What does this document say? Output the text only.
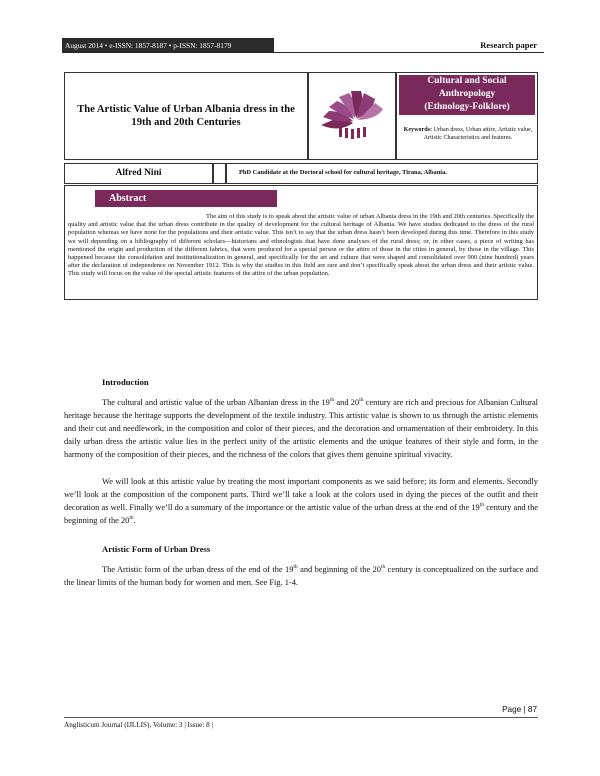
August 2014 • e-ISSN: 1857-8187 • p-ISSN: 1857-8179	Research paper
The Artistic Value of Urban Albania dress in the 19th and 20th Centuries
Cultural and Social
Anthropology
(Ethnology-Folklore)
Keywords: Urban dress, Urban attire, Artistic value, Artistic Characteristics and features.
Alfred Nini	PhD Candidate at the Doctoral school for cultural heritage, Tirana, Albania.
Abstract
The aim of this study is to speak about the artistic value of urban Albania dress in the 19th and 20th centuries. Specifically the quality and artistic value that the urban dress contribute in the quality of development for the cultural heritage of Albania. We have studies dedicated to the dress of the rural population whereas we have none for the populations and their artistic value. This isn’t to say that the urban dress hasn’t been developed during this time. Therefore in this study we will depending on a bibliography of different scholars—historians and ethnologists that have done analyses of the rural dress; or, in other cases, a piece of writing has mentioned the origin and production of the different fabrics, that were produced for a special person or the attire of those in the cities in general, by those in the village. This happened because the consolidation and institutionalization in general, and specifically for the art and culture that were shaped and consolidated over 900 (nine hundred) years after the declaration of independence on November 1912. This is why the studies in this field are rare and don’t specifically speak about the urban dress and their artistic value. This study will focus on the value of the special artistic features of the attire of the urban population.
Introduction

The cultural and artistic value of the urban Albanian dress in the 19th and 20th century are rich and precious for Albanian Cultural heritage because the heritage supports the development of the textile industry. This artistic value is shown to us through the artistic elements and their cut and needlework, in the composition and color of their pieces, and the decoration and ornamentation of their embroidery. In this daily urban dress the artistic value lies in the perfect unity of the artistic elements and the unique features of their style and form, in the harmony of the composition of their pieces, and the richness of the colors that gives them genuine spiritual vivacity.

We will look at this artistic value by treating the most important components as we said before; its form and elements. Secondly we’ll look at the composition of the component parts. Third we’ll take a look at the colors used in dying the pieces of the outfit and their decoration as well. Finally we’ll do a summary of the importance or the artistic value of the urban dress at the end of the 19th century and the beginning of the 20th.

Artistic Form of Urban Dress

The Artistic form of the urban dress of the end of the 19th and beginning of the 20th century is conceptualized on the surface and the linear limits of the human body for women and men. See Fig. 1-4.

Page | 87
Anglisticum Journal (IJLLIS), Volume: 3 | Issue: 8 |
